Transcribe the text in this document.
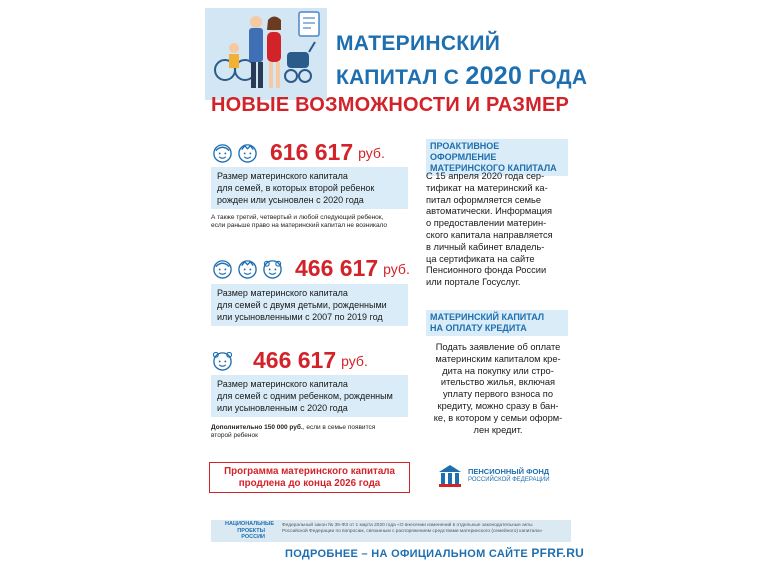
МАТЕРИНСКИЙ
КАПИТАЛ С 2020 ГОДА
НОВЫЕ ВОЗМОЖНОСТИ И РАЗМЕР
616 617 руб.
Размер материнского капитала
для семей, в которых второй ребенок
рожден или усыновлен с 2020 года
А также третий, четвертый и любой следующий ребенок,
если раньше право на материнский капитал не возникало
466 617 руб.
Размер материнского капитала
для семей с двумя детьми, рожденными
или усыновленными с 2007 по 2019 год
466 617 руб.
Размер материнского капитала
для семей с одним ребенком, рожденным
или усыновленным с 2020 года
Дополнительно 150 000 руб., если в семье появится
второй ребенок
ПРОАКТИВНОЕ ОФОРМЛЕНИЕ
МАТЕРИНСКОГО КАПИТАЛА
С 15 апреля 2020 года сер-
тификат на материнский ка-
питал оформляется семье
автоматически. Информация
о предоставлении материн-
ского капитала направляется
в личный кабинет владель-
ца сертификата на сайте
Пенсионного фонда России
или портале Госуслуг.
МАТЕРИНСКИЙ КАПИТАЛ
НА ОПЛАТУ КРЕДИТА
Подать заявление об оплате
материнским капиталом кре-
дита на покупку или стро-
ительство жилья, включая
уплату первого взноса по
кредиту, можно сразу в бан-
ке, в котором у семьи оформ-
лен кредит.
Программа материнского капитала
продлена до конца 2026 года
ПЕНСИОННЫЙ ФОНД
РОССИЙСКОЙ ФЕДЕРАЦИИ
НАЦИОНАЛЬНЫЕ
ПРОЕКТЫ
РОССИИ
Федеральный закон № 35-ФЗ от 1 марта 2020 года «О внесении изменений в отдельные законодательные акты
Российской Федерации по вопросам, связанным с распоряжением средствами материнского (семейного) капитала»
ПОДРОБНЕЕ – НА ОФИЦИАЛЬНОМ САЙТЕ PFRF.RU
